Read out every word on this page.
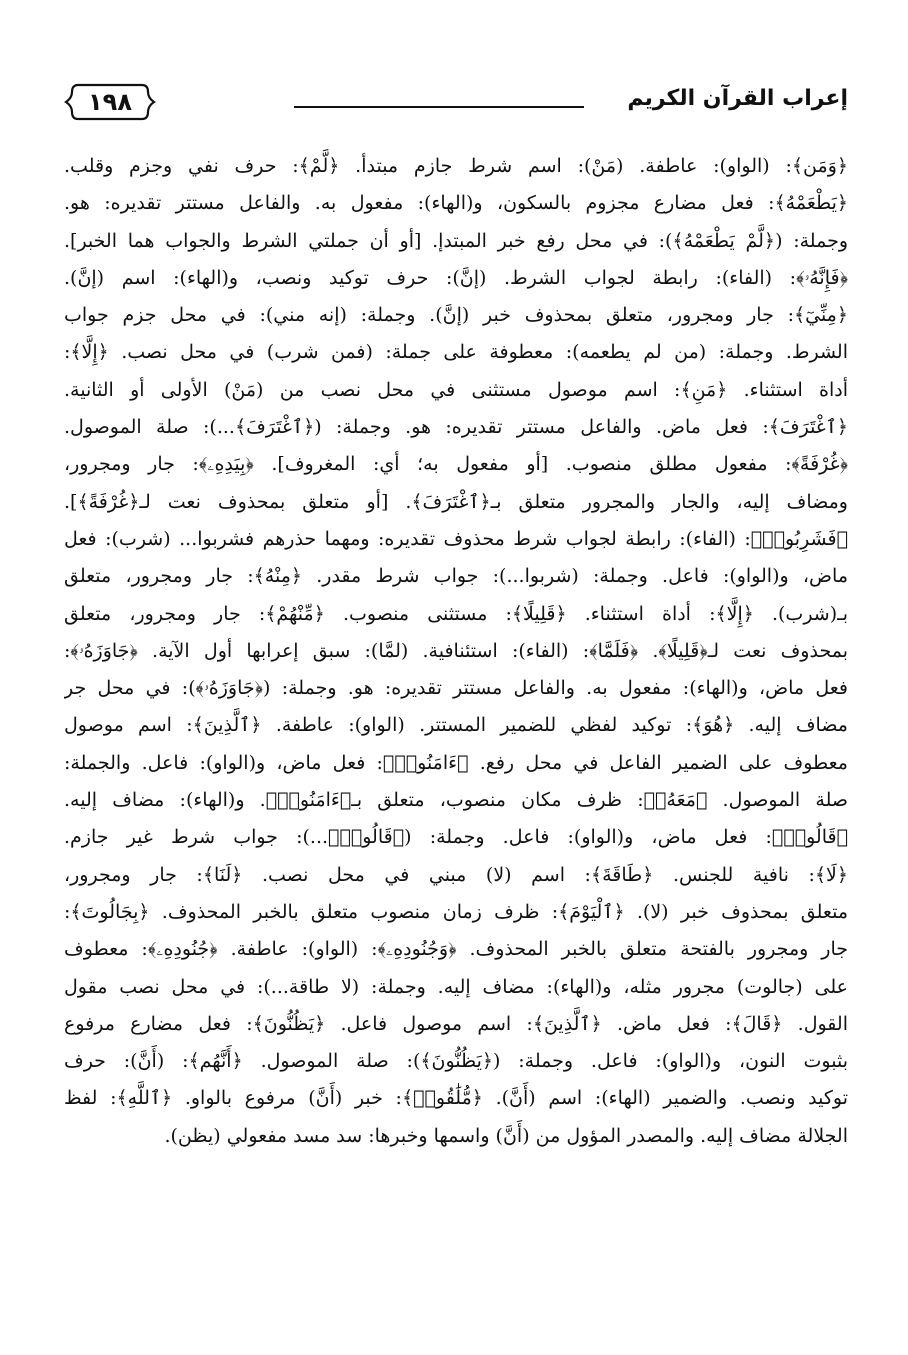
١٩٨	إعراب القرآن الكريم
﴿وَمَن﴾: (الواو): عاطفة. (مَنْ): اسم شرط جازم مبتدأ. ﴿لَّمْ﴾: حرف نفي وجزم وقلب.
﴿يَطْعَمْهُ﴾: فعل مضارع مجزوم بالسكون، و(الهاء): مفعول به. والفاعل مستتر تقديره: هو.
وجملة: (﴿لَّمْ يَطْعَمْهُ﴾): في محل رفع خبر المبتدإ. [أو أن جملتي الشرط والجواب هما الخبر].
﴿فَإِنَّهُۥ﴾: (الفاء): رابطة لجواب الشرط. (إنَّ): حرف توكيد ونصب، و(الهاء): اسم (إنَّ).
﴿مِنِّيٓ﴾: جار ومجرور، متعلق بمحذوف خبر (إنَّ). وجملة: (إنه مني): في محل جزم جواب
الشرط. وجملة: (من لم يطعمه): معطوفة على جملة: (فمن شرب) في محل نصب. ﴿إِلَّا﴾:
أداة استثناء. ﴿مَنِ﴾: اسم موصول مستثنى في محل نصب من (مَنْ) الأولى أو الثانية.
﴿ٱغْتَرَفَ﴾: فعل ماض. والفاعل مستتر تقديره: هو. وجملة: (﴿ٱغْتَرَفَ﴾...): صلة الموصول.
﴿غُرْفَةً﴾: مفعول مطلق منصوب. [أو مفعول به؛ أي: المغروف]. ﴿بِيَدِهِۦ﴾: جار ومجرور،
ومضاف إليه، والجار والمجرور متعلق بـ﴿ٱغْتَرَفَ﴾. [أو متعلق بمحذوف نعت لـ﴿غُرْفَةً﴾].
﴿فَشَرِبُوا۟﴾: (الفاء): رابطة لجواب شرط محذوف تقديره: ومهما حذرهم فشربوا... (شرب): فعل
ماض، و(الواو): فاعل. وجملة: (شربوا...): جواب شرط مقدر. ﴿مِنْهُ﴾: جار ومجرور، متعلق
بـ(شرب). ﴿إِلَّا﴾: أداة استثناء. ﴿قَلِيلًا﴾: مستثنى منصوب. ﴿مِّنْهُمْ﴾: جار ومجرور، متعلق
بمحذوف نعت لـ﴿قَلِيلًا﴾. ﴿فَلَمَّا﴾: (الفاء): استئنافية. (لمَّا): سبق إعرابها أول الآية. ﴿جَاوَزَهُۥ﴾:
فعل ماض، و(الهاء): مفعول به. والفاعل مستتر تقديره: هو. وجملة: (﴿جَاوَزَهُۥ﴾): في محل جر
مضاف إليه. ﴿هُوَ﴾: توكيد لفظي للضمير المستتر. (الواو): عاطفة. ﴿ٱلَّذِينَ﴾: اسم موصول
معطوف على الضمير الفاعل في محل رفع. ﴿ءَامَنُوا۟﴾: فعل ماض، و(الواو): فاعل. والجملة:
صلة الموصول. ﴿مَعَهُۥ﴾: ظرف مكان منصوب، متعلق بـ﴿ءَامَنُوا۟﴾. و(الهاء): مضاف إليه.
﴿قَالُوا۟﴾: فعل ماض، و(الواو): فاعل. وجملة: (﴿قَالُوا۟﴾...): جواب شرط غير جازم.
﴿لَا﴾: نافية للجنس. ﴿طَاقَةَ﴾: اسم (لا) مبني في محل نصب. ﴿لَنَا﴾: جار ومجرور،
متعلق بمحذوف خبر (لا). ﴿ٱلْيَوْمَ﴾: ظرف زمان منصوب متعلق بالخبر المحذوف. ﴿بِجَالُوتَ﴾:
جار ومجرور بالفتحة متعلق بالخبر المحذوف. ﴿وَجُنُودِهِۦ﴾: (الواو): عاطفة. ﴿جُنُودِهِۦ﴾: معطوف
على (جالوت) مجرور مثله، و(الهاء): مضاف إليه. وجملة: (لا طاقة...): في محل نصب مقول
القول. ﴿قَالَ﴾: فعل ماض. ﴿ٱلَّذِينَ﴾: اسم موصول فاعل. ﴿يَظُنُّونَ﴾: فعل مضارع مرفوع
بثبوت النون، و(الواو): فاعل. وجملة: (﴿يَظُنُّونَ﴾): صلة الموصول. ﴿أَنَّهُم﴾: (أَنَّ): حرف
توكيد ونصب. والضمير (الهاء): اسم (أَنَّ). ﴿مُّلَٰقُوا۟﴾: خبر (أَنَّ) مرفوع بالواو. ﴿ٱللَّهِ﴾: لفظ
الجلالة مضاف إليه. والمصدر المؤول من (أَنَّ) واسمها وخبرها: سد مسد مفعولي (يظن).
